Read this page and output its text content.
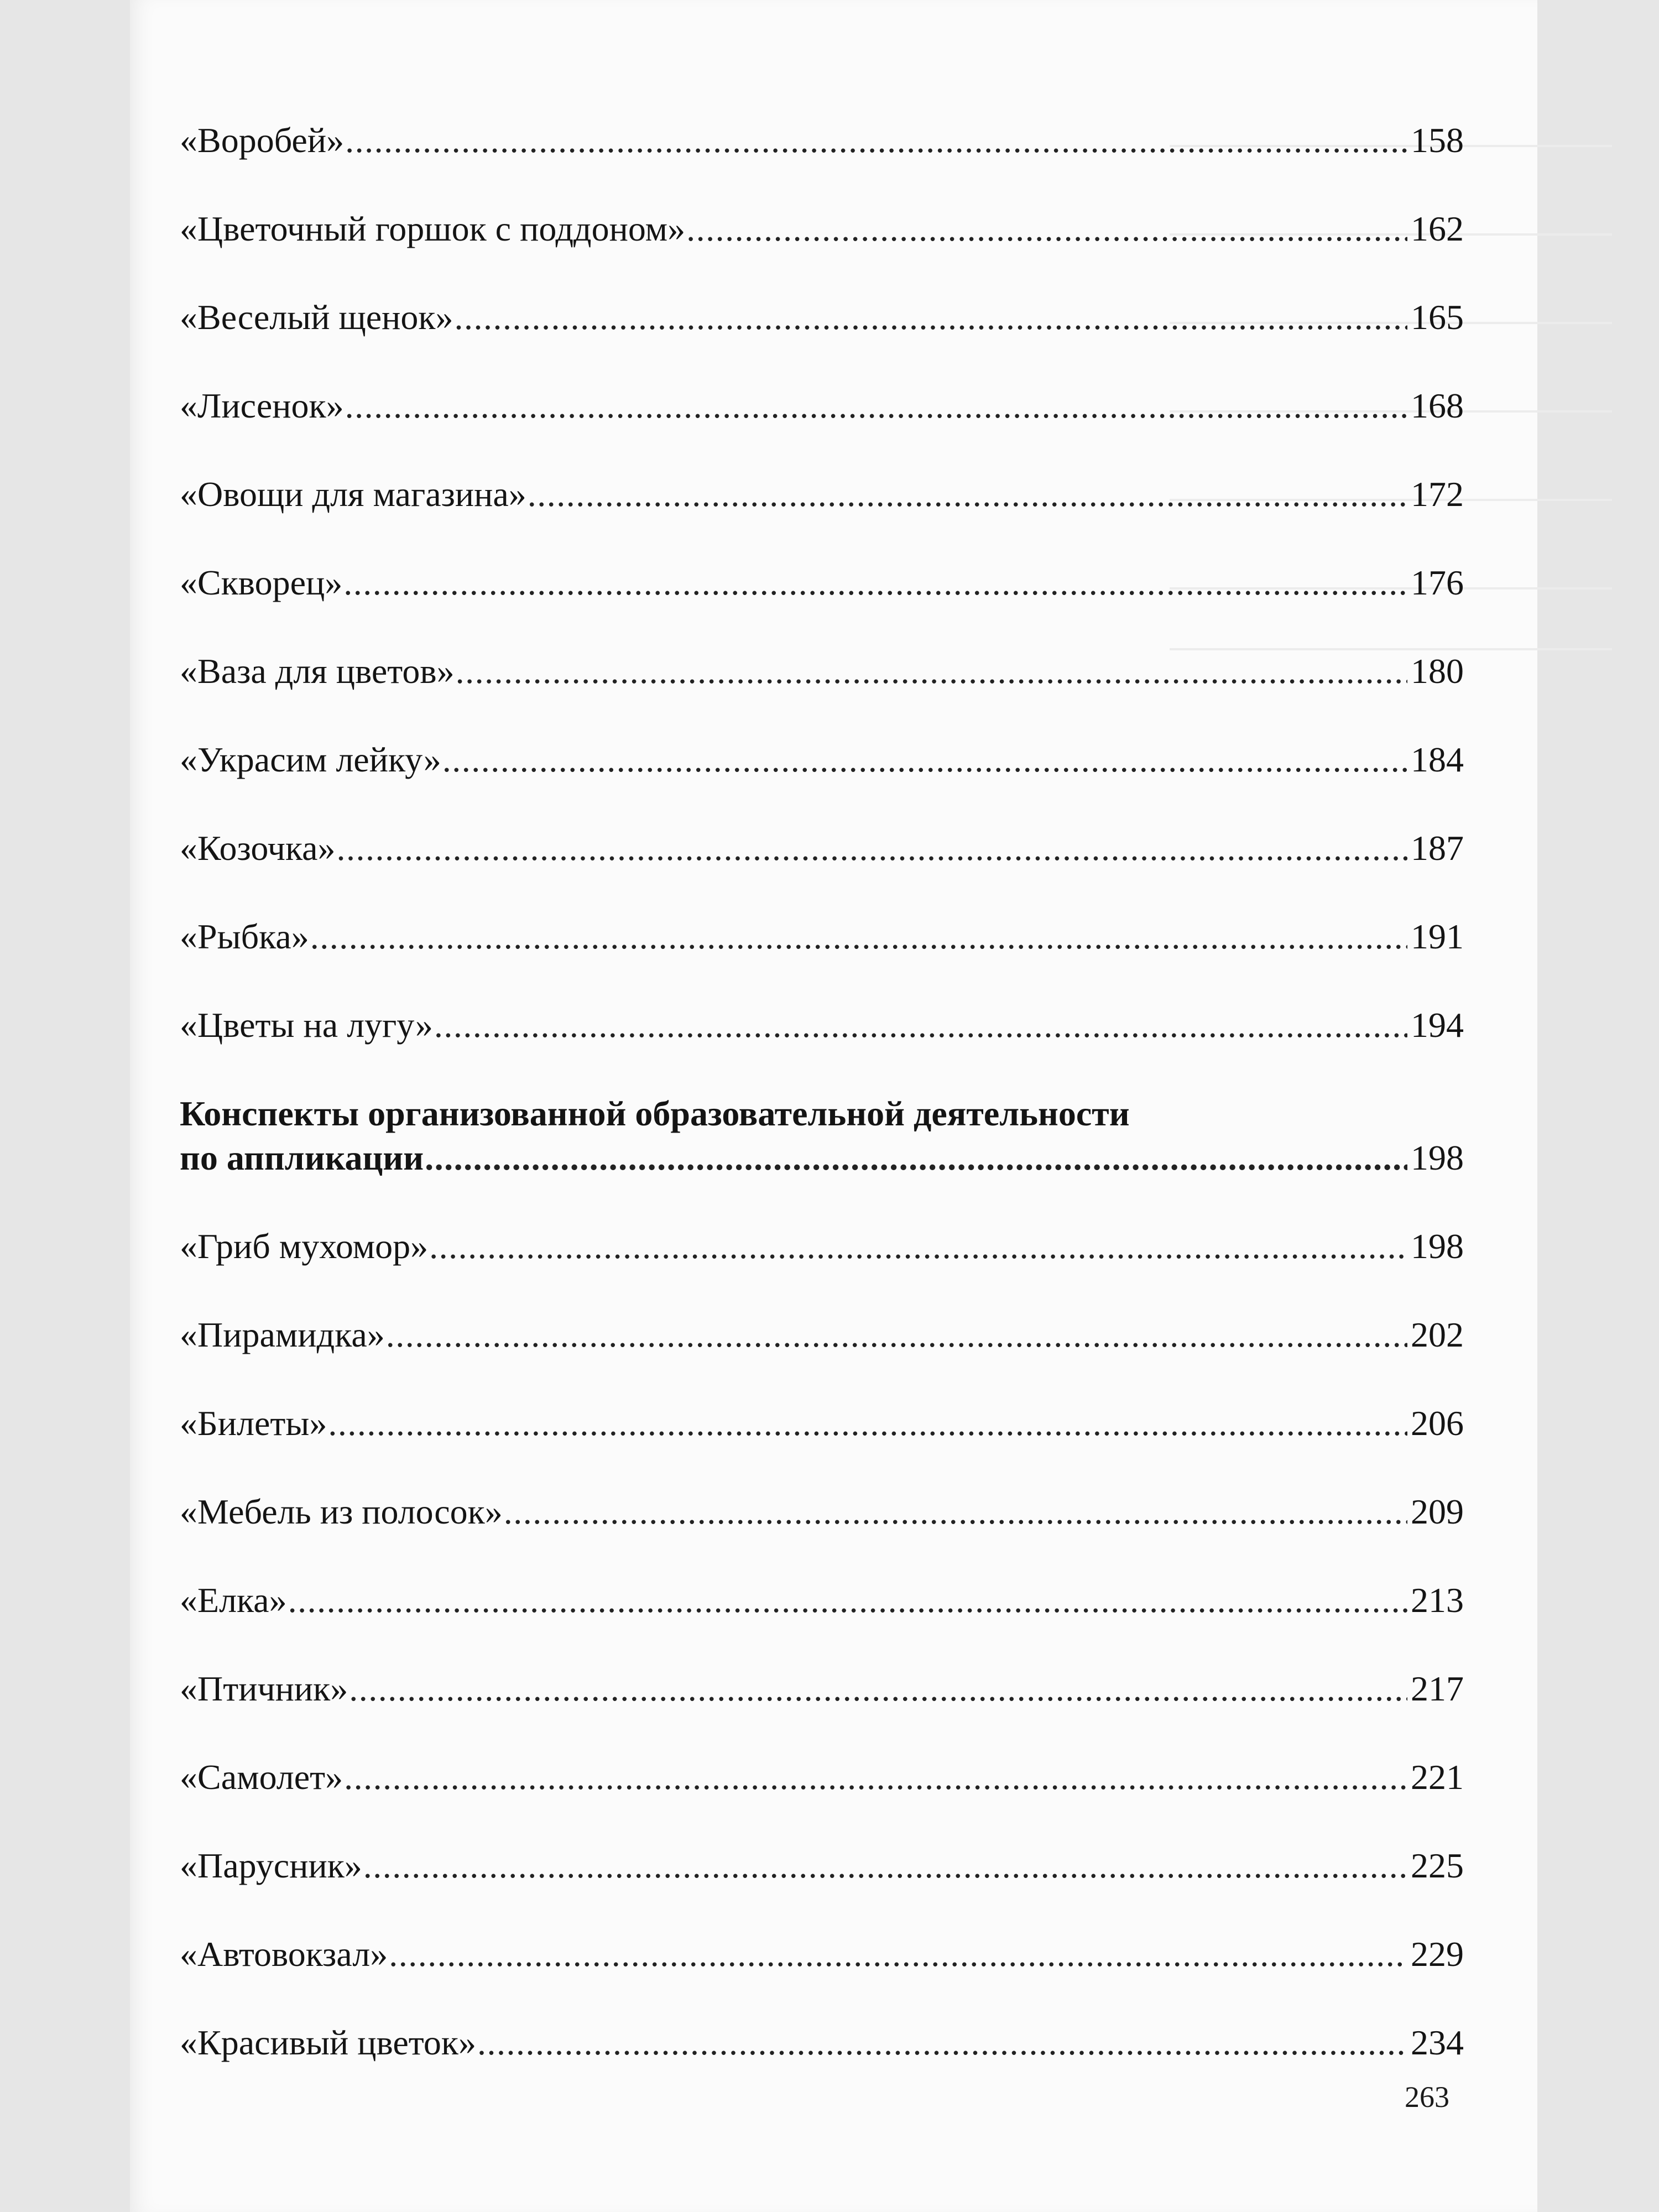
«Воробей» .....	158
«Цветочный горшок с поддоном» .....	162
«Веселый щенок» .....	165
«Лисенок» .....	168
«Овощи для магазина» .....	172
«Скворец» .....	176
«Ваза для цветов» .....	180
«Украсим лейку» .....	184
«Козочка» .....	187
«Рыбка» .....	191
«Цветы на лугу» .....	194
Конспекты организованной образовательной деятельности
по аппликации .....	198
«Гриб мухомор» .....	198
«Пирамидка» .....	202
«Билеты» .....	206
«Мебель из полосок» .....	209
«Елка» .....	213
«Птичник» .....	217
«Самолет» .....	221
«Парусник» .....	225
«Автовокзал» .....	229
«Красивый цветок» .....	234
263
